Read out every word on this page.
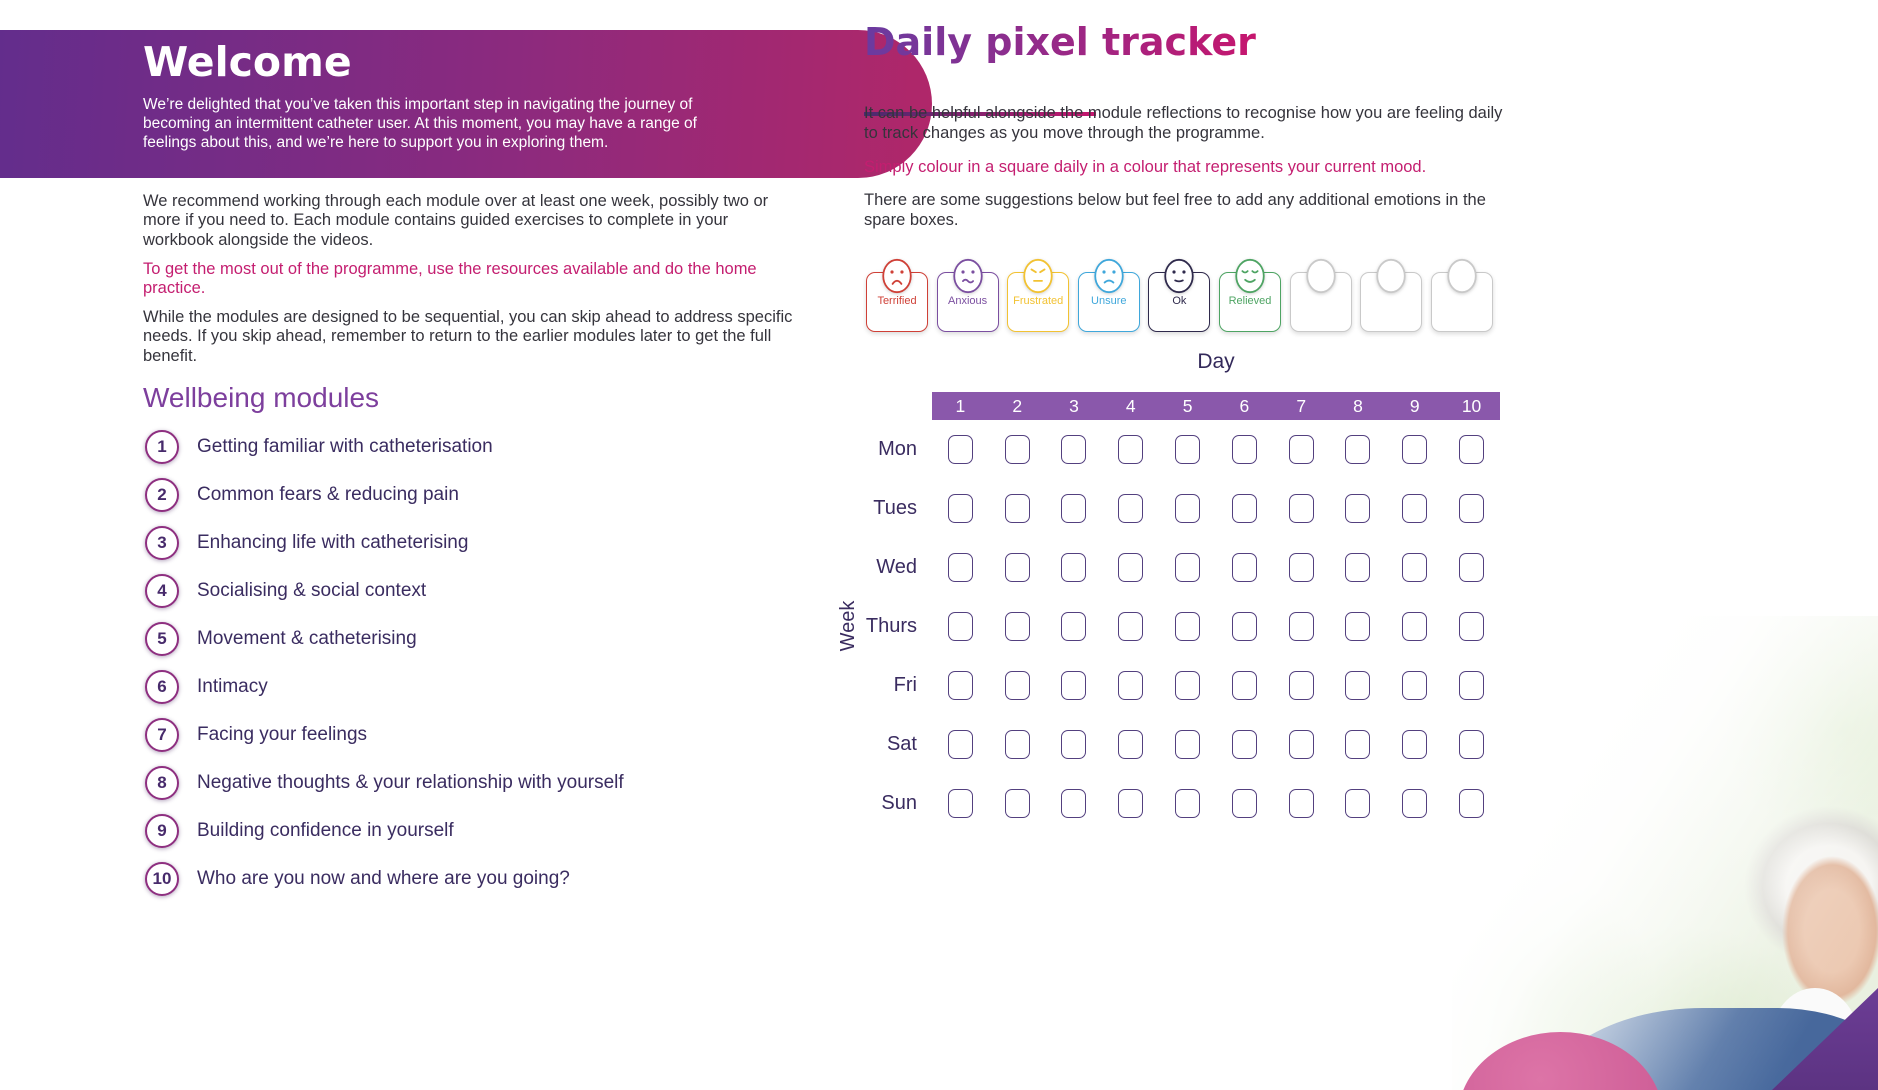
Welcome

We’re delighted that you’ve taken this important step in navigating the journey of becoming an intermittent catheter user. At this moment, you may have a range of feelings about this, and we’re here to support you in exploring them.

We recommend working through each module over at least one week, possibly two or more if you need to. Each module contains guided exercises to complete in your workbook alongside the videos.

To get the most out of the programme, use the resources available and do the home practice.

While the modules are designed to be sequential, you can skip ahead to address specific needs. If you skip ahead, remember to return to the earlier modules later to get the full benefit.

Wellbeing modules
1	Getting familiar with catheterisation
2	Common fears & reducing pain
3	Enhancing life with catheterising
4	Socialising & social context
5	Movement & catheterising
6	Intimacy
7	Facing your feelings
8	Negative thoughts & your relationship with yourself
9	Building confidence in yourself
10	Who are you now and where are you going?
Daily pixel tracker

It can be helpful alongside the module reflections to recognise how you are feeling daily to track changes as you move through the programme.

Simply colour in a square daily in a colour that represents your current mood.

There are some suggestions below but feel free to add any additional emotions in the spare boxes.

Terrified	Anxious Frustrated	Unsure	Ok	Relieved
Day
1	2	3	4	5	6	7	8	9	10
Mon
Tues
Wed
Thurs
Fri
Sat
Sun
Week
